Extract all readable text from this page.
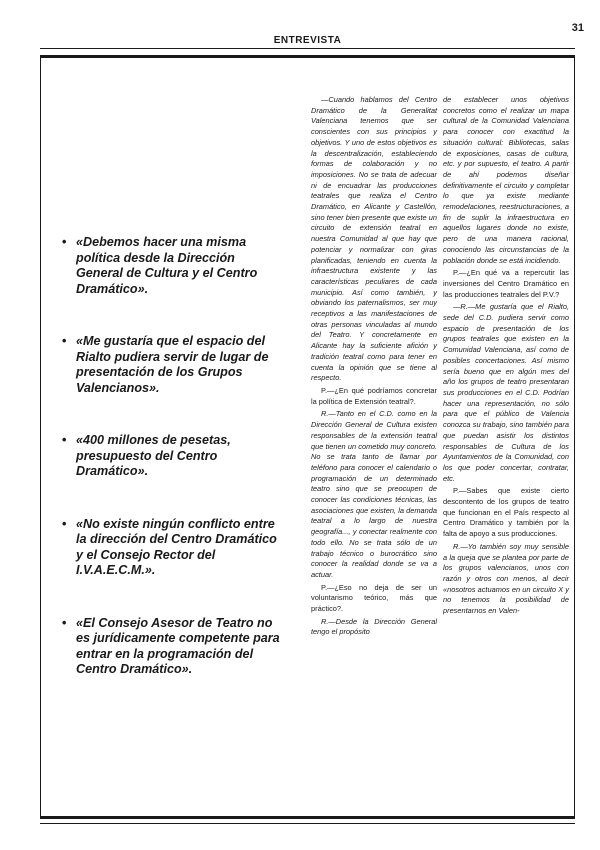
31
ENTREVISTA

• «Debemos hacer una misma política desde la Dirección General de Cultura y el Centro Dramático».

• «Me gustaría que el espacio del Rialto pudiera servir de lugar de presentación de los Grupos Valencianos».

• «400 millones de pesetas, presupuesto del Centro Dramático».

• «No existe ningún conflicto entre la dirección del Centro Dramático y el Consejo Rector del I.V.A.E.C.M.».

• «El Consejo Asesor de Teatro no es jurídicamente competente para entrar en la programación del Centro Dramático».

—Cuando hablamos del Centro Dramático de la Generalitat Valenciana tenemos que ser conscientes con sus principios y objetivos. Y uno de estos objetivos es la descentralización, estableciendo formas de colaboración y no imposiciones. No se trata de adecuar ni de encuadrar las producciones teatrales que realiza el Centro Dramático, en Alicante y Castellón, sino tener bien presente que existe un circuito de extensión teatral en nuestra Comunidad al que hay que potenciar y normalizar con giras planificadas, teniendo en cuenta la infraestructura existente y las características peculiares de cada municipio. Así como también, y obviando los paternalismos, ser muy receptivos a las manifestaciones de otras personas vinculadas al mundo del Teatro. Y concretamente en Alicante hay la suficiente afición y tradición teatral como para tener en cuenta la opinión que se tiene al respecto.

P.—¿En qué podríamos concretar la política de Extensión teatral?.

R.—Tanto en el C.D. como en la Dirección General de Cultura existen responsables de la extensión teatral que tienen un cometido muy concreto. No se trata tanto de llamar por teléfono para conocer el calendario o programación de un determinado teatro sino que se preocupen de conocer las condiciones técnicas, las asociaciones que existen, la demanda teatral a lo largo de nuestra geografía..., y conectar realmente con todo ello. No se trata sólo de un trabajo técnico o burocrático sino conocer la realidad donde se va a actuar.

P.—¿Eso no deja de ser un voluntarismo teórico, más que práctico?.

R.—Desde la Dirección General tengo el propósito

de establecer unos objetivos concretos como el realizar un mapa cultural de la Comunidad Valenciana para conocer con exactitud la situación cultural: Bibliotecas, salas de exposiciones, casas de cultura, etc. y por supuesto, el teatro. A partir de ahí podemos diseñar definitivamente el circuito y completar lo que ya existe mediante remodelaciones, reestructuraciones, a fin de suplir la infraestructura en aquellos lugares donde no existe, pero de una manera racional, conociendo las circunstancias de la población donde se está incidiendo.

P.—¿En qué va a repercutir las inversiones del Centro Dramático en las producciones teatrales del P.V.?

—R.—Me gustaría que el Rialto, sede del C.D. pudiera servir como espacio de presentación de los grupos teatrales que existen en la Comunidad Valenciana, así como de posibles concertaciones. Así mismo sería bueno que en algún mes del año los grupos de teatro presentaran sus producciones en el C.D. Podrían hacer una representación, no sólo para que el público de Valencia conozca su trabajo, sino también para que puedan asistir los distintos responsables de Cultura de los Ayuntamientos de la Comunidad, con los que poder concertar, contratar, etc.

P.—Sabes que existe cierto descontento de los grupos de teatro que funcionan en el País respecto al Centro Dramático y también por la falta de apoyo a sus producciones.

R.—Yo también soy muy sensible a la queja que se plantea por parte de los grupos valencianos, unos con razón y otros con menos, al decir «nosotros actuamos en un circuito X y no tenemos la posibilidad de presentarnos en Valen-
